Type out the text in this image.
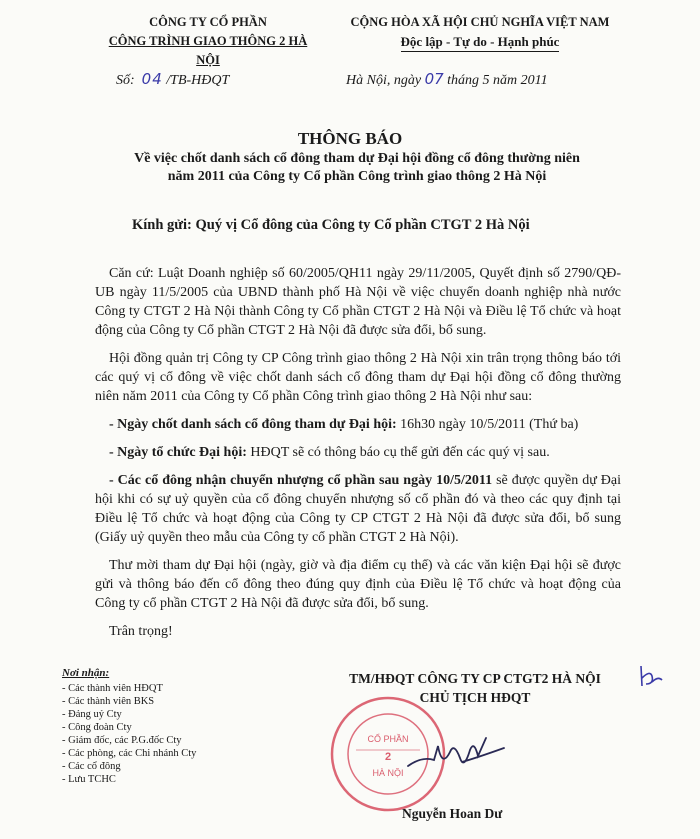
CÔNG TY CỔ PHẦN
CÔNG TRÌNH GIAO THÔNG 2 HÀ NỘI
CỘNG HÒA XÃ HỘI CHỦ NGHĨA VIỆT NAM
Độc lập - Tự do - Hạnh phúc
Số: 04 /TB-HĐQT	Hà Nội, ngày 07 tháng 5 năm 2011
THÔNG BÁO
Về việc chốt danh sách cổ đông tham dự Đại hội đồng cổ đông thường niên năm 2011 của Công ty Cổ phần Công trình giao thông 2 Hà Nội
Kính gửi: Quý vị Cổ đông của Công ty Cổ phần CTGT 2 Hà Nội

Căn cứ: Luật Doanh nghiệp số 60/2005/QH11 ngày 29/11/2005, Quyết định số 2790/QĐ-UB ngày 11/5/2005 của UBND thành phố Hà Nội về việc chuyển doanh nghiệp nhà nước Công ty CTGT 2 Hà Nội thành Công ty Cổ phần CTGT 2 Hà Nội và Điều lệ Tổ chức và hoạt động của Công ty Cổ phần CTGT 2 Hà Nội đã được sửa đổi, bổ sung.

Hội đồng quản trị Công ty CP Công trình giao thông 2 Hà Nội xin trân trọng thông báo tới các quý vị cổ đông về việc chốt danh sách cổ đông tham dự Đại hội đồng cổ đông thường niên năm 2011 của Công ty Cổ phần Công trình giao thông 2 Hà Nội như sau:

- Ngày chốt danh sách cổ đông tham dự Đại hội: 16h30 ngày 10/5/2011 (Thứ ba)

- Ngày tổ chức Đại hội: HĐQT sẽ có thông báo cụ thể gửi đến các quý vị sau.

- Các cổ đông nhận chuyển nhượng cổ phần sau ngày 10/5/2011 sẽ được quyền dự Đại hội khi có sự uỷ quyền của cổ đông chuyển nhượng số cổ phần đó và theo các quy định tại Điều lệ Tổ chức và hoạt động của Công ty CP CTGT 2 Hà Nội đã được sửa đổi, bổ sung (Giấy uỷ quyền theo mẫu của Công ty cổ phần CTGT 2 Hà Nội).

Thư mời tham dự Đại hội (ngày, giờ và địa điểm cụ thể) và các văn kiện Đại hội sẽ được gửi và thông báo đến cổ đông theo đúng quy định của Điều lệ Tổ chức và hoạt động của Công ty cổ phần CTGT 2 Hà Nội đã được sửa đổi, bổ sung.

Trân trọng!

Nơi nhận:
- Các thành viên HĐQT
- Các thành viên BKS
- Đảng uỷ Cty
- Công đoàn Cty
- Giám đốc, các P.G.đốc Cty
- Các phòng, các Chi nhánh Cty
- Các cổ đông
- Lưu TCHC
CỔ PHẦN
2
HÀ NỘI
TM/HĐQT CÔNG TY CP CTGT2 HÀ NỘI
CHỦ TỊCH HĐQT
Nguyễn Hoan Dư
